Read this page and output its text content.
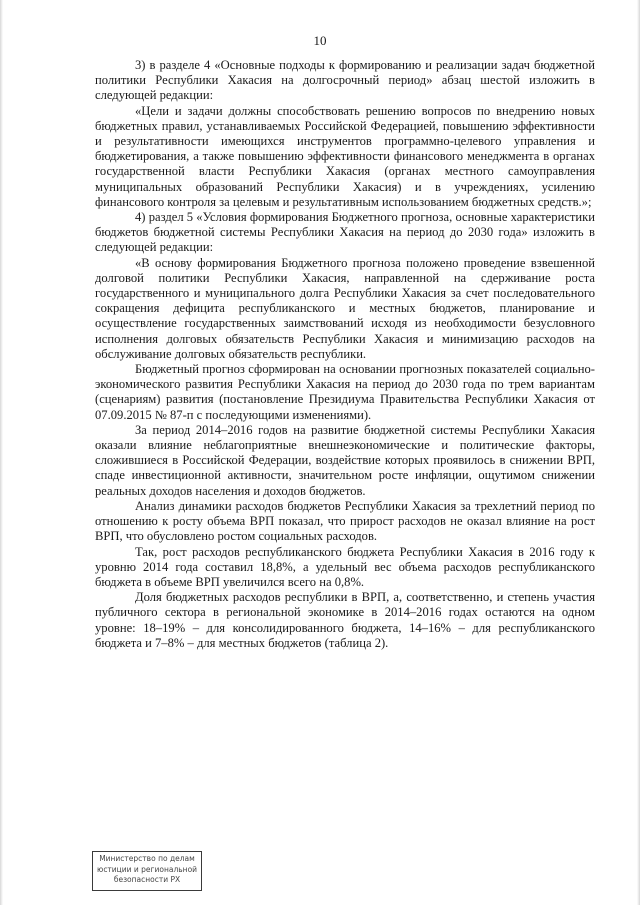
10

3) в разделе 4 «Основные подходы к формированию и реализации задач бюджетной политики Республики Хакасия на долгосрочный период» абзац шестой изложить в следующей редакции:

«Цели и задачи должны способствовать решению вопросов по внедрению новых бюджетных правил, устанавливаемых Российской Федерацией, повышению эффективности и результативности имеющихся инструментов программно-целевого управления и бюджетирования, а также повышению эффективности финансового менеджмента в органах государственной власти Республики Хакасия (органах местного самоуправления муниципальных образований Республики Хакасия) и в учреждениях, усилению финансового контроля за целевым и результативным использованием бюджетных средств.»;

4) раздел 5 «Условия формирования Бюджетного прогноза, основные характеристики бюджетов бюджетной системы Республики Хакасия на период до 2030 года» изложить в следующей редакции:

«В основу формирования Бюджетного прогноза положено проведение взвешенной долговой политики Республики Хакасия, направленной на сдерживание роста государственного и муниципального долга Республики Хакасия за счет последовательного сокращения дефицита республиканского и местных бюджетов, планирование и осуществление государственных заимствований исходя из необходимости безусловного исполнения долговых обязательств Республики Хакасия и минимизацию расходов на обслуживание долговых обязательств республики.

Бюджетный прогноз сформирован на основании прогнозных показателей социально-экономического развития Республики Хакасия на период до 2030 года по трем вариантам (сценариям) развития (постановление Президиума Правительства Республики Хакасия от 07.09.2015 № 87-п с последующими изменениями).

За период 2014–2016 годов на развитие бюджетной системы Республики Хакасия оказали влияние неблагоприятные внешнеэкономические и политические факторы, сложившиеся в Российской Федерации, воздействие которых проявилось в снижении ВРП, спаде инвестиционной активности, значительном росте инфляции, ощутимом снижении реальных доходов населения и доходов бюджетов.

Анализ динамики расходов бюджетов Республики Хакасия за трехлетний период по отношению к росту объема ВРП показал, что прирост расходов не оказал влияние на рост ВРП, что обусловлено ростом социальных расходов.

Так, рост расходов республиканского бюджета Республики Хакасия в 2016 году к уровню 2014 года составил 18,8%, а удельный вес объема расходов республиканского бюджета в объеме ВРП увеличился всего на 0,8%.

Доля бюджетных расходов республики в ВРП, а, соответственно, и степень участия публичного сектора в региональной экономике в 2014–2016 годах остаются на одном уровне: 18–19% – для консолидированного бюджета, 14–16% – для республиканского бюджета и 7–8% – для местных бюджетов (таблица 2).

Министерство по делам
юстиции и региональной
безопасности РХ
